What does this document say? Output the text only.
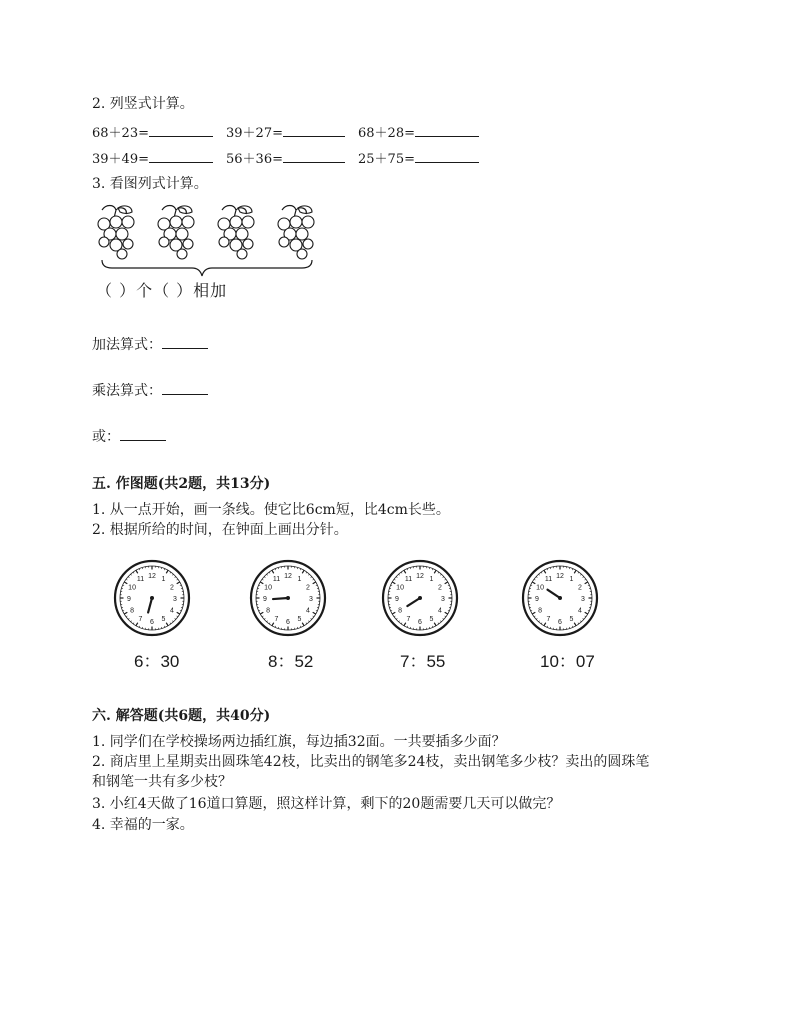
2. 列竖式计算。
68＋23=	39＋27=	68＋28=
39＋49=	56＋36=	25＋75=
3. 看图列式计算。
（ ）个（ ）相加
加法算式：
乘法算式：
或：
五. 作图题(共2题，共13分)
1. 从一点开始，画一条线。使它比6cm短，比4cm长些。
2. 根据所给的时间，在钟面上画出分针。
12 1
2
3
4
5
6
7
8
9
10
11	12 1
2
3
4
5
6
7
8
9
10
11	12 1
2
3
4
5
6
7
8
9
10
11	12 1
2
3
4
5
6
7
8
9
10
11
6：30	8：52	7：55	10：07
六. 解答题(共6题，共40分)
1. 同学们在学校操场两边插红旗，每边插32面。一共要插多少面？
2. 商店里上星期卖出圆珠笔42枝，比卖出的钢笔多24枝，卖出钢笔多少枝？卖出的圆珠笔
和钢笔一共有多少枝？
3. 小红4天做了16道口算题，照这样计算，剩下的20题需要几天可以做完？
4. 幸福的一家。
